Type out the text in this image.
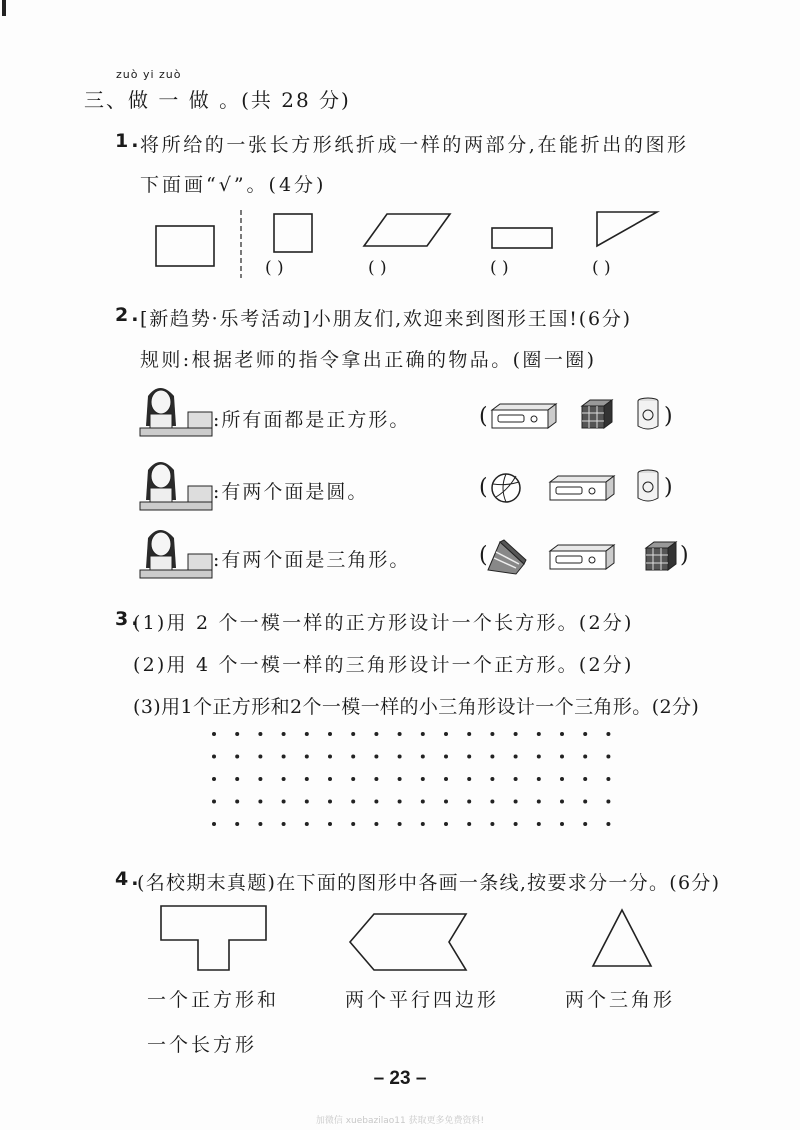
zuò yi zuò
三、做 一 做 。(共 28 分)
1.
将所给的一张长方形纸折成一样的两部分,在能折出的图形
下面画“√”。(4分)
( )	( )	( )	( )
2.
[新趋势·乐考活动]小朋友们,欢迎来到图形王国!(6分)
规则:根据老师的指令拿出正确的物品。(圈一圈)
:所有面都是正方形。
:有两个面是圆。
:有两个面是三角形。
(	)
(	)
(	)
3.
(1)用 2 个一模一样的正方形设计一个长方形。(2分)
(2)用 4 个一模一样的三角形设计一个正方形。(2分)
(3)用1个正方形和2个一模一样的小三角形设计一个三角形。(2分)
4.
(名校期末真题)在下面的图形中各画一条线,按要求分一分。(6分)
一个正方形和	两个平行四边形	两个三角形
一个长方形
– 23 –
加微信 xuebazilao11 获取更多免费资料!
